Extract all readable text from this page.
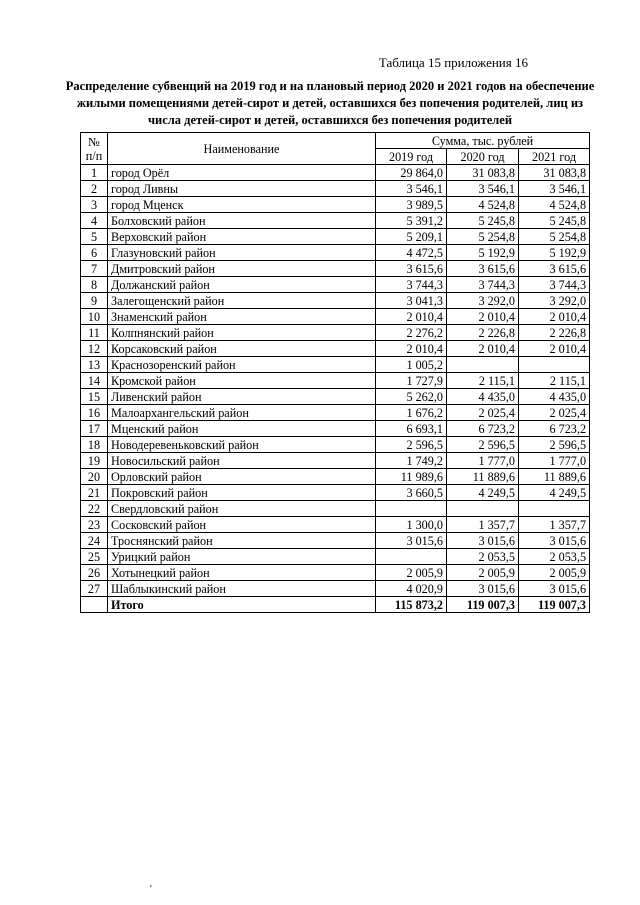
Таблица 15 приложения 16
Распределение субвенций на 2019 год и на плановый период 2020 и 2021 годов на обеспечение жилыми помещениями детей-сирот и детей, оставшихся без попечения родителей, лиц из числа детей-сирот и детей, оставшихся без попечения родителей
№ п/п	Наименование	Сумма, тыс. рублей		
		2019 год	2020 год	2021 год
1	город Орёл	29 864,0	31 083,8	31 083,8
2	город Ливны	3 546,1	3 546,1	3 546,1
3	город Мценск	3 989,5	4 524,8	4 524,8
4	Болховский район	5 391,2	5 245,8	5 245,8
5	Верховский район	5 209,1	5 254,8	5 254,8
6	Глазуновский район	4 472,5	5 192,9	5 192,9
7	Дмитровский район	3 615,6	3 615,6	3 615,6
8	Должанский район	3 744,3	3 744,3	3 744,3
9	Залегощенский район	3 041,3	3 292,0	3 292,0
10	Знаменский район	2 010,4	2 010,4	2 010,4
11	Колпнянский район	2 276,2	2 226,8	2 226,8
12	Корсаковский район	2 010,4	2 010,4	2 010,4
13	Краснозоренский район	1 005,2		
14	Кромской район	1 727,9	2 115,1	2 115,1
15	Ливенский район	5 262,0	4 435,0	4 435,0
16	Малоархангельский район	1 676,2	2 025,4	2 025,4
17	Мценский район	6 693,1	6 723,2	6 723,2
18	Новодеревеньковский район	2 596,5	2 596,5	2 596,5
19	Новосильский район	1 749,2	1 777,0	1 777,0
20	Орловский район	11 989,6	11 889,6	11 889,6
21	Покровский район	3 660,5	4 249,5	4 249,5
22	Свердловский район			
23	Сосковский район	1 300,0	1 357,7	1 357,7
24	Троснянский район	3 015,6	3 015,6	3 015,6
25	Урицкий район		2 053,5	2 053,5
26	Хотынецкий район	2 005,9	2 005,9	2 005,9
27	Шаблыкинский район	4 020,9	3 015,6	3 015,6
	Итого	115 873,2	119 007,3	119 007,3
'
